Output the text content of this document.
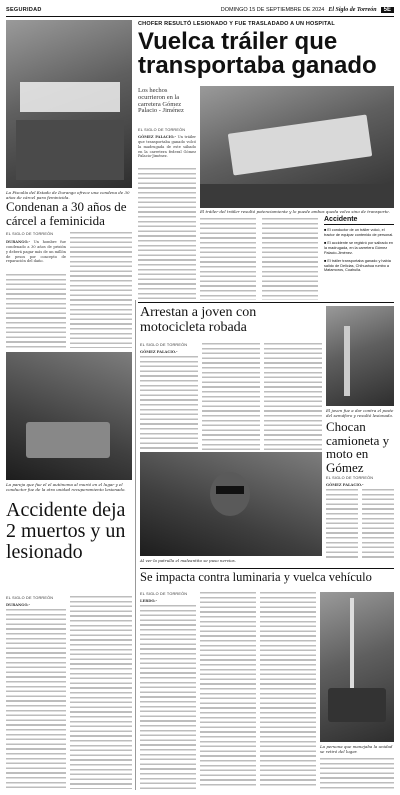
SEGURIDAD	DOMINGO 15 DE SEPTIEMBRE DE 2024 El Siglo de Torreón	5E
La Fiscalía del Estado de Durango ofrece una condena de 30 años de cárcel para feminicida.
CHOFER RESULTÓ LESIONADO Y FUE TRASLADADO A UN HOSPITAL
Vuelca tráiler que transportaba ganado
Los hechos ocurrieron en la carretera Gómez Palacio - Jiménez
EL SIGLO DE TORREÓN
GÓMEZ PALACIO.- Un tráiler que transportaba ganado volcó la madrugada de este sábado en la carretera federal Gómez Palacio-Jiménez.
El tráiler del tráiler resultó potenciamiente y lo puede ambos queda volvo sino de transporte.
Accidente
■ El conductor de un tráiler volcó, el tractor de equipar contenido de personal.
■ El accidente se registró por salirado en la madrugada, en la carretera Gómez Palacio-Jiménez.
■ El tráiler transportaba ganado y había salido de Delicias, Chihuahua rumbo a Matamoros, Coahuila.
Condenan a 30 años de cárcel a feminicida
EL SIGLO DE TORREÓN
DURANGO.- Un hombre fue condenado a 30 años de prisión y deberá pagar más de un millón de pesos por concepto de reparación del daño.
La pareja que fue el el autónoma al murió en el lugar y el conductor fue de la otra unidad recuperamiento lesionado.
Arrestan a joven con motocicleta robada
EL SIGLO DE TORREÓN
GÓMEZ PALACIO.-
El joven fue a dar contra el poste del semáforo y resultó lesionado.
Al ver la patrulla el maleantito se puso nervios.
Chocan camioneta y moto en Gómez
EL SIGLO DE TORREÓN
GÓMEZ PALACIO.-
Accidente deja 2 muertos y un lesionado
EL SIGLO DE TORREÓN
DURANGO.-
Se impacta contra luminaria y vuelca vehículo
EL SIGLO DE TORREÓN
LERDO.-
La persona que manejaba la unidad se retiró del lugar.
